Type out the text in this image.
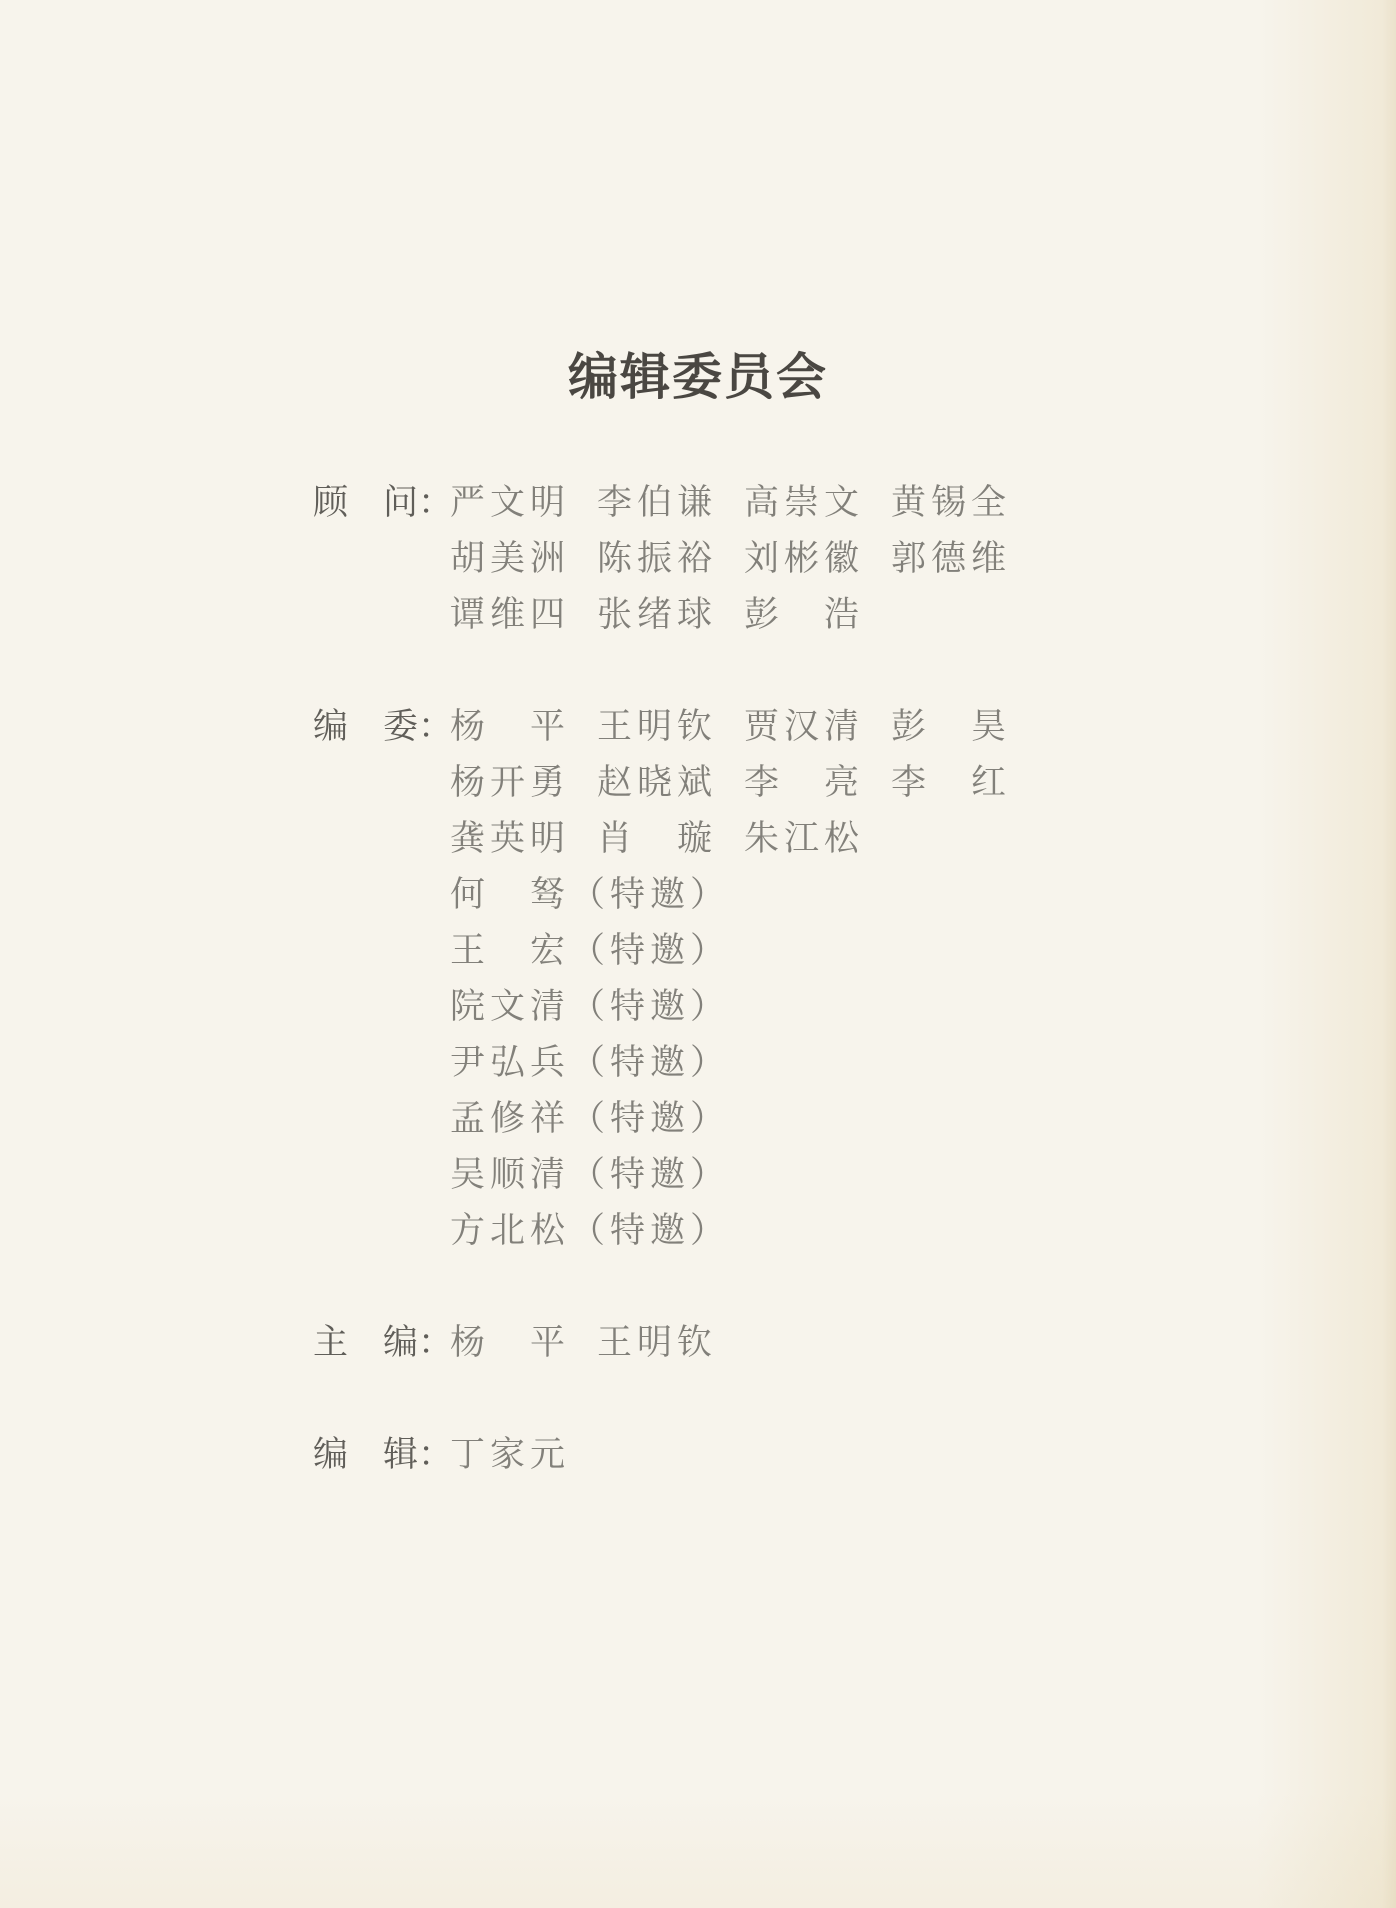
编辑委员会
顾　问：
严文明 李伯谦 高崇文 黄锡全
胡美洲 陈振裕 刘彬徽 郭德维
谭维四 张绪球 彭　浩
编　委：
杨　平 王明钦 贾汉清 彭　昊
杨开勇 赵晓斌 李　亮 李　红
龚英明 肖　璇 朱江松
何　驽（特邀）
王　宏（特邀）
院文清（特邀）
尹弘兵（特邀）
孟修祥（特邀）
吴顺清（特邀）
方北松（特邀）
主　编：
杨　平 王明钦
编　辑：
丁家元
